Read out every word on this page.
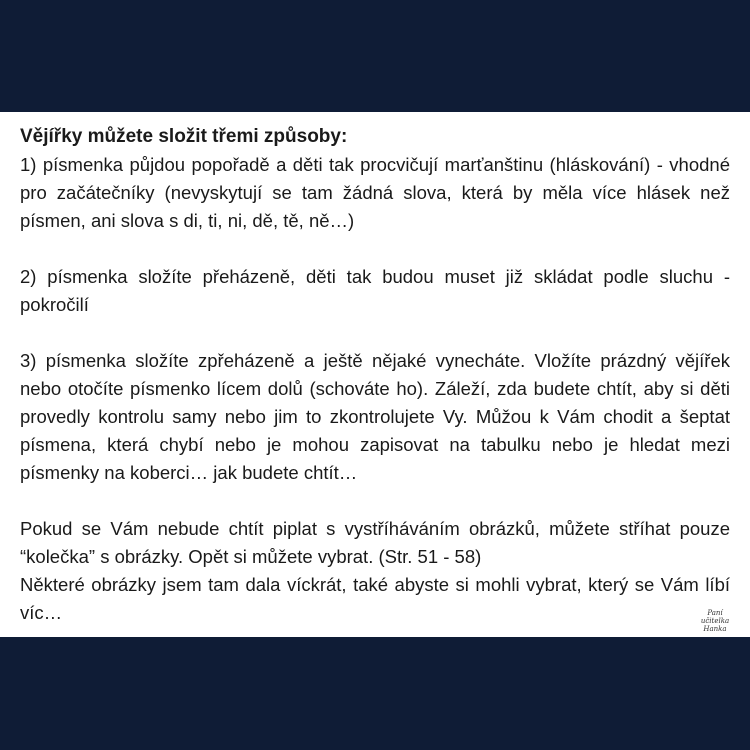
Vějířky můžete složit třemi způsoby:

1) písmenka půjdou popořadě a děti tak procvičují marťanštinu (hláskování) - vhodné pro začátečníky (nevyskytují se tam žádná slova, která by měla více hlásek než písmen, ani slova s di, ti, ni, dě, tě, ně…)

2) písmenka složíte přeházeně, děti tak budou muset již skládat podle sluchu - pokročilí

3) písmenka složíte zpřeházeně a ještě nějaké vynecháte. Vložíte prázdný vějířek nebo otočíte písmenko lícem dolů (schováte ho). Záleží, zda budete chtít, aby si děti provedly kontrolu samy nebo jim to zkontrolujete Vy. Můžou k Vám chodit a šeptat písmena, která chybí nebo je mohou zapisovat na tabulku nebo je hledat mezi písmenky na koberci… jak budete chtít…

Pokud se Vám nebude chtít piplat s vystříháváním obrázků, můžete stříhat pouze “kolečka” s obrázky. Opět si můžete vybrat. (Str. 51 - 58)

Některé obrázky jsem tam dala víckrát, také abyste si mohli vybrat, který se Vám líbí víc…	Paní učitelka Hanka
